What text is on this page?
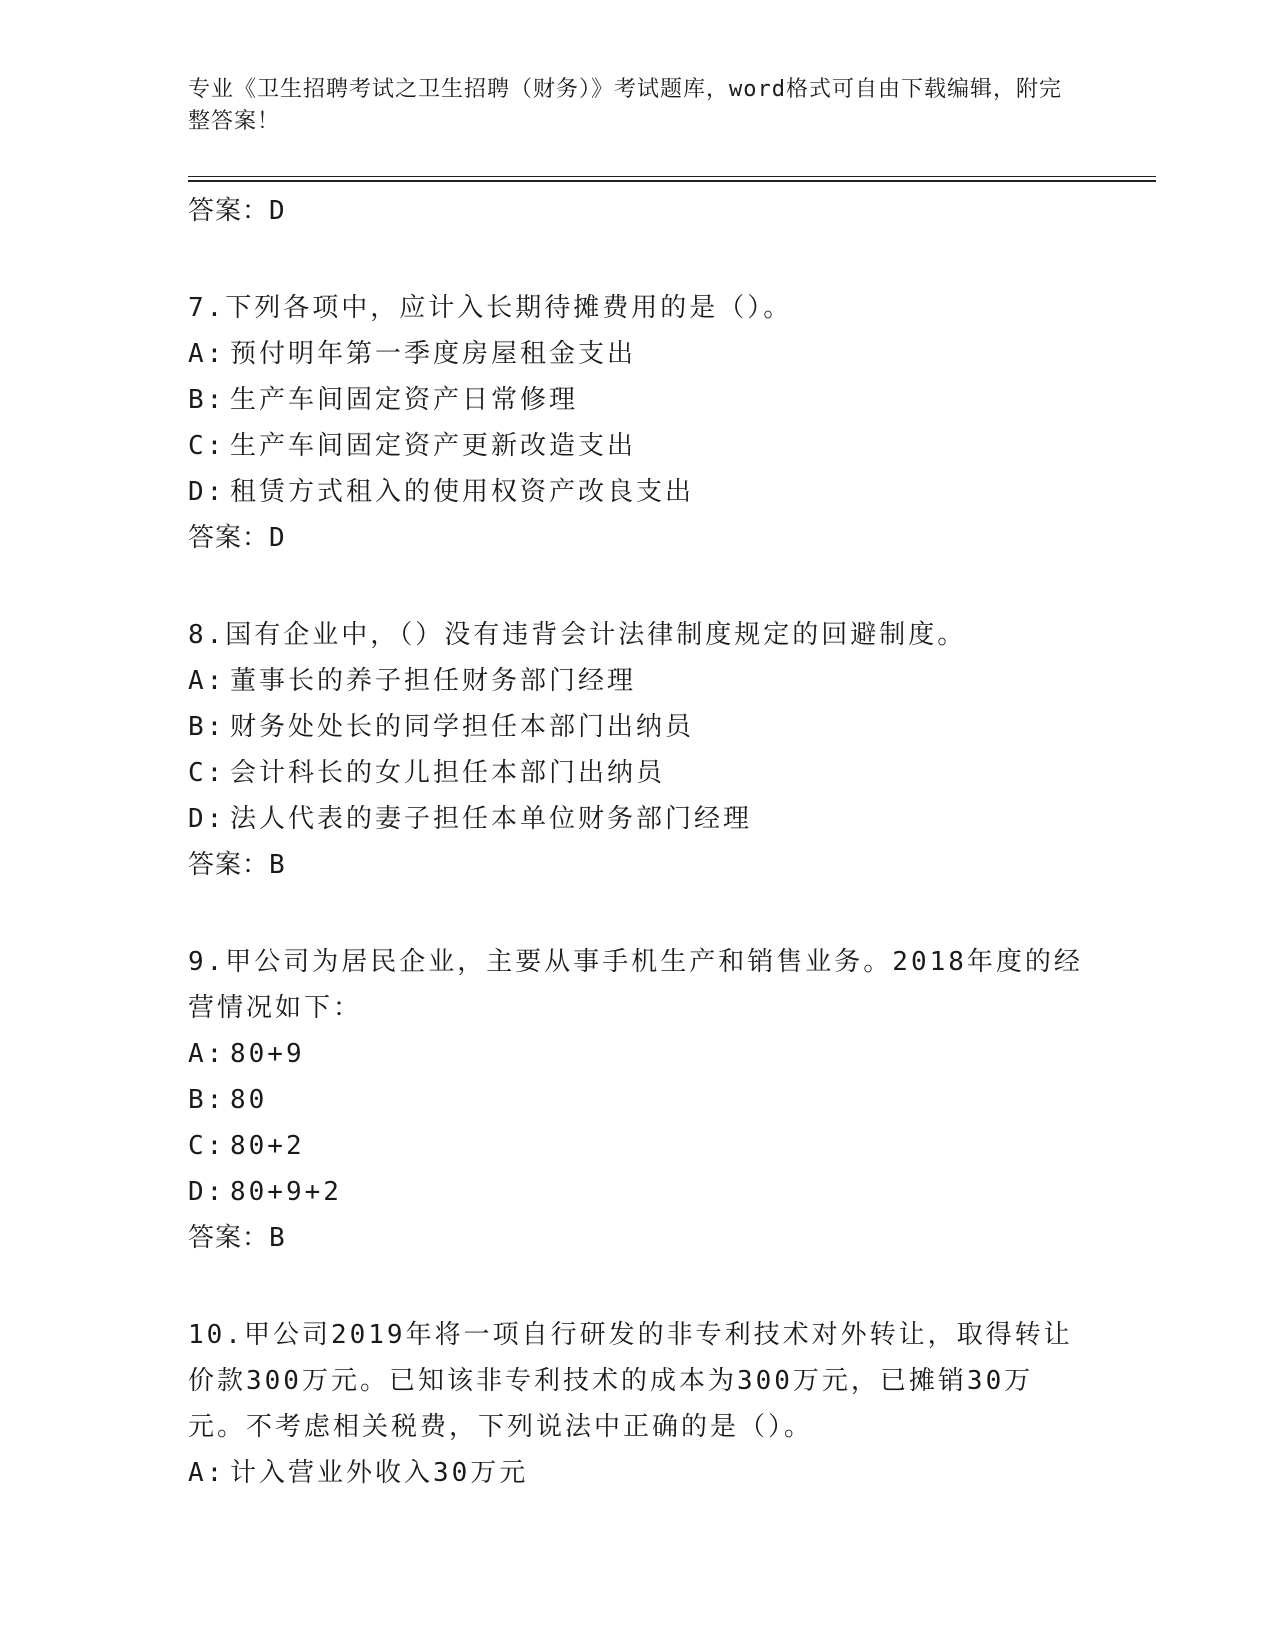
专业《卫生招聘考试之卫生招聘（财务）》考试题库，word格式可自由下载编辑，附完整答案！
答案：D
7.下列各项中，应计入长期待摊费用的是（）。
A: 预付明年第一季度房屋租金支出
B: 生产车间固定资产日常修理
C: 生产车间固定资产更新改造支出
D: 租赁方式租入的使用权资产改良支出
答案：D
8.国有企业中，（）没有违背会计法律制度规定的回避制度。
A: 董事长的养子担任财务部门经理
B: 财务处处长的同学担任本部门出纳员
C: 会计科长的女儿担任本部门出纳员
D: 法人代表的妻子担任本单位财务部门经理
答案：B
9.甲公司为居民企业，主要从事手机生产和销售业务。2018年度的经营情况如下：
A: 80+9
B: 80
C: 80+2
D: 80+9+2
答案：B
10.甲公司2019年将一项自行研发的非专利技术对外转让，取得转让价款300万元。已知该非专利技术的成本为300万元，已摊销30万元。不考虑相关税费，下列说法中正确的是（）。
A: 计入营业外收入30万元
